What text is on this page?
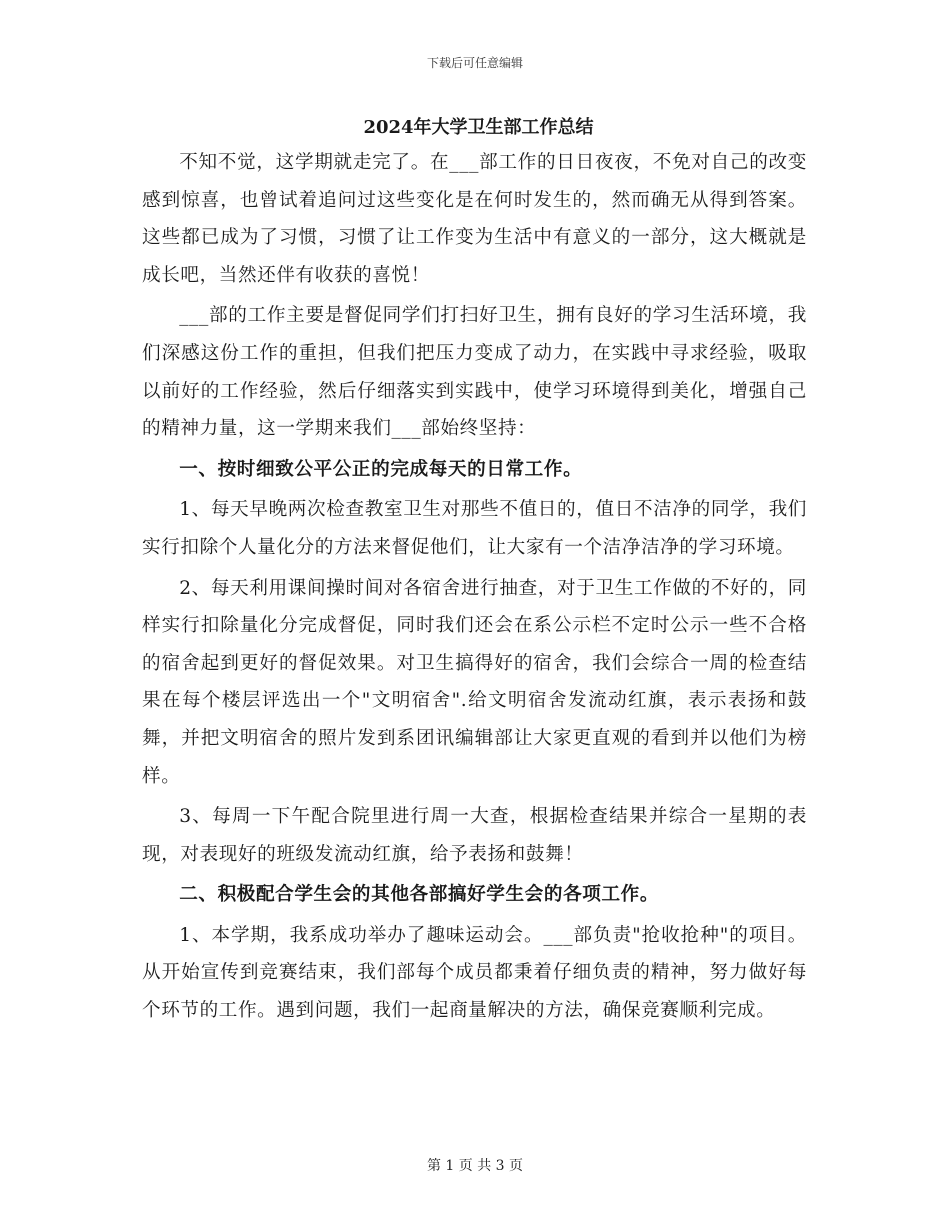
下载后可任意编辑
2024年大学卫生部工作总结

不知不觉，这学期就走完了。在___部工作的日日夜夜，不免对自己的改变感到惊喜，也曾试着追问过这些变化是在何时发生的，然而确无从得到答案。这些都已成为了习惯，习惯了让工作变为生活中有意义的一部分，这大概就是成长吧，当然还伴有收获的喜悦！

___部的工作主要是督促同学们打扫好卫生，拥有良好的学习生活环境，我们深感这份工作的重担，但我们把压力变成了动力，在实践中寻求经验，吸取以前好的工作经验，然后仔细落实到实践中，使学习环境得到美化，增强自己的精神力量，这一学期来我们___部始终坚持：

一、按时细致公平公正的完成每天的日常工作。

1、每天早晚两次检查教室卫生对那些不值日的，值日不洁净的同学，我们实行扣除个人量化分的方法来督促他们，让大家有一个洁净洁净的学习环境。

2、每天利用课间操时间对各宿舍进行抽查，对于卫生工作做的不好的，同样实行扣除量化分完成督促，同时我们还会在系公示栏不定时公示一些不合格的宿舍起到更好的督促效果。对卫生搞得好的宿舍，我们会综合一周的检查结果在每个楼层评选出一个"文明宿舍".给文明宿舍发流动红旗，表示表扬和鼓舞，并把文明宿舍的照片发到系团讯编辑部让大家更直观的看到并以他们为榜样。

3、每周一下午配合院里进行周一大查，根据检查结果并综合一星期的表现，对表现好的班级发流动红旗，给予表扬和鼓舞！

二、积极配合学生会的其他各部搞好学生会的各项工作。

1、本学期，我系成功举办了趣味运动会。___部负责"抢收抢种"的项目。从开始宣传到竞赛结束，我们部每个成员都秉着仔细负责的精神，努力做好每个环节的工作。遇到问题，我们一起商量解决的方法，确保竞赛顺利完成。

第 1 页 共 3 页
